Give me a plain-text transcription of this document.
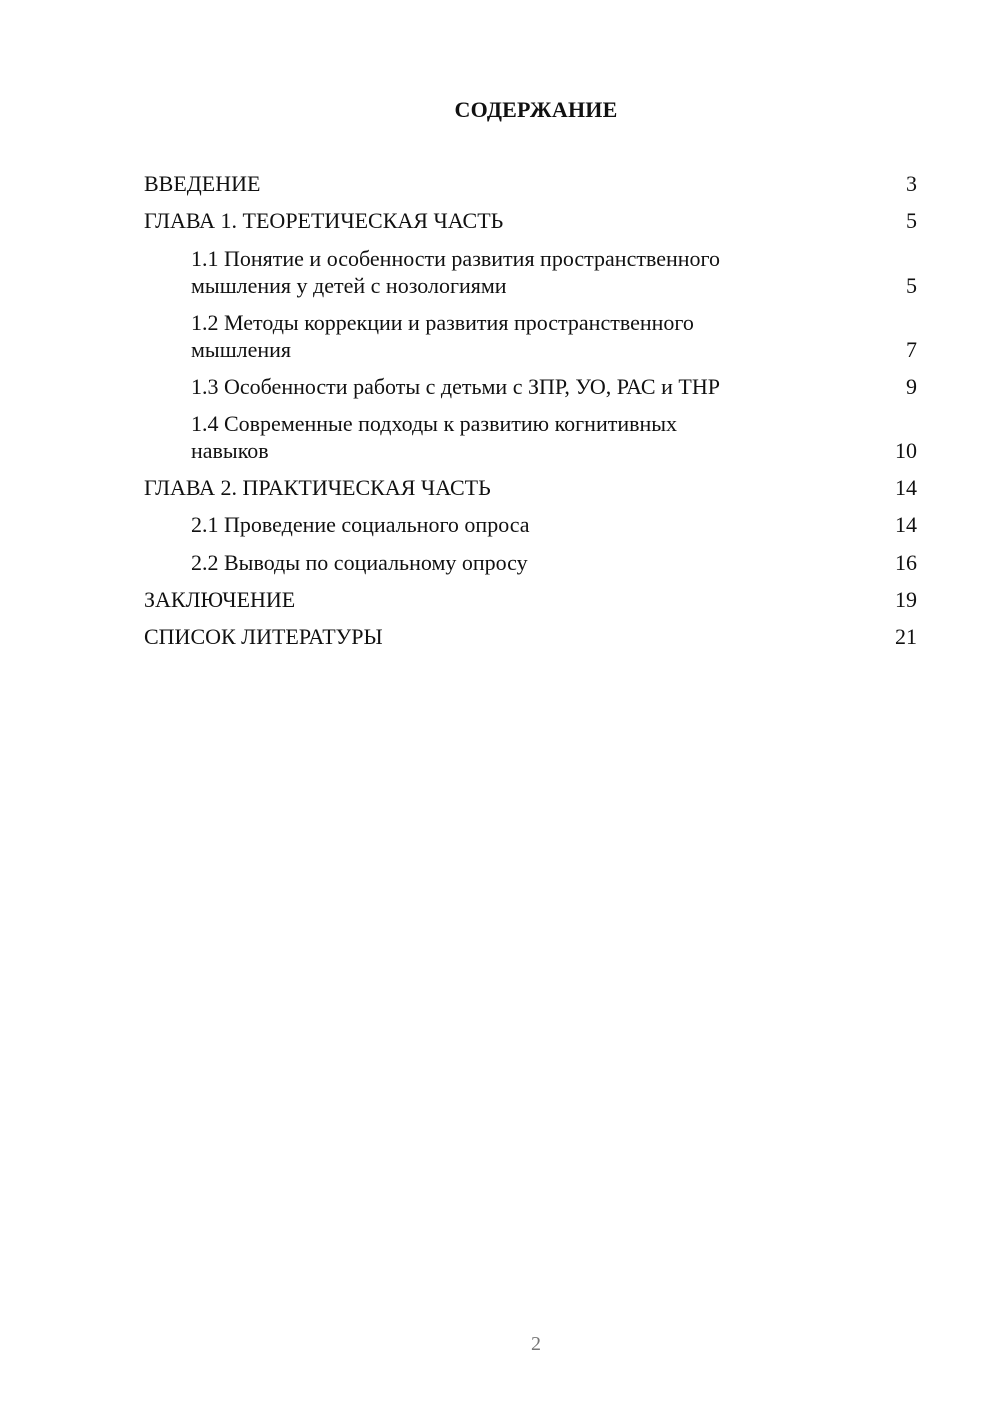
СОДЕРЖАНИЕ
ВВЕДЕНИЕ	3
ГЛАВА 1. ТЕОРЕТИЧЕСКАЯ ЧАСТЬ	5
1.1 Понятие и особенности развития пространственного
мышления у детей с нозологиями	5
1.2 Методы коррекции и развития пространственного
мышления	7
1.3 Особенности работы с детьми с ЗПР, УО, РАС и ТНР	9
1.4 Современные подходы к развитию когнитивных
навыков	10
ГЛАВА 2. ПРАКТИЧЕСКАЯ ЧАСТЬ	14
2.1 Проведение социального опроса	14
2.2 Выводы по социальному опросу	16
ЗАКЛЮЧЕНИЕ	19
СПИСОК ЛИТЕРАТУРЫ	21
2
